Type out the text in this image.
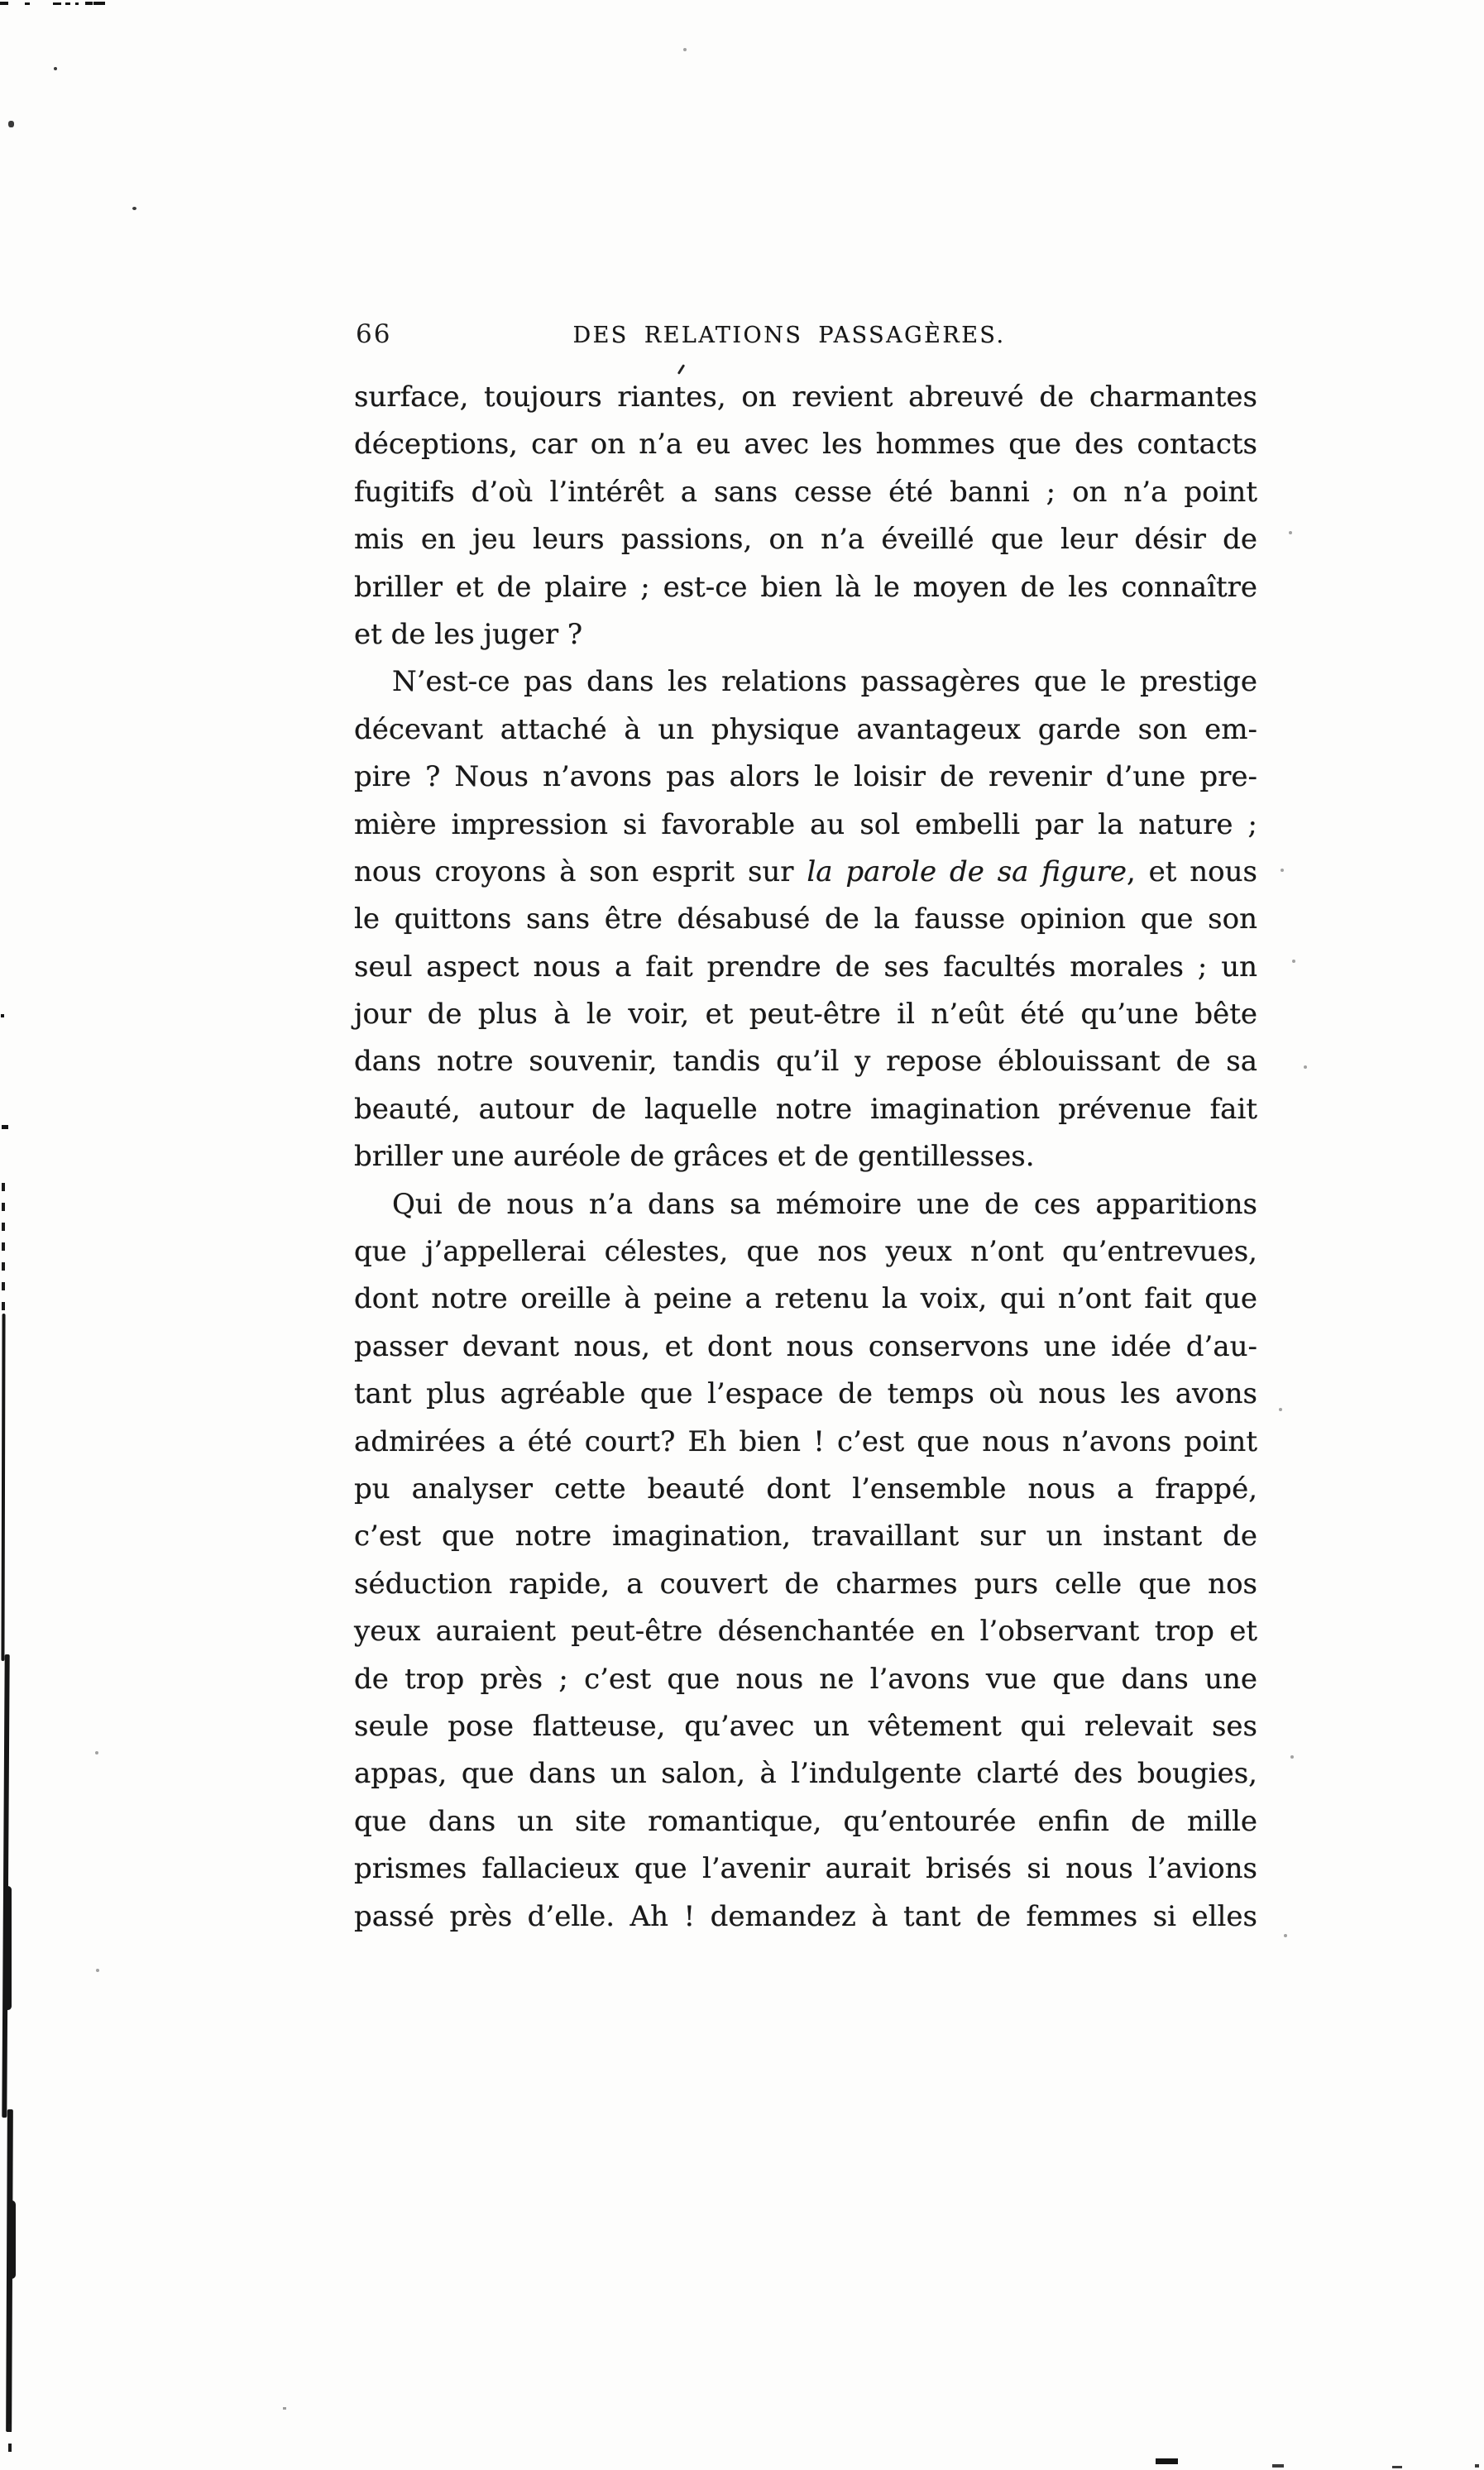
66	DES RELATIONS PASSAGÈRES.
surface, toujours riantes, on revient abreuvé de charmantes
déceptions, car on n’a eu avec les hommes que des contacts
fugitifs d’où l’intérêt a sans cesse été banni ; on n’a point
mis en jeu leurs passions, on n’a éveillé que leur désir de
briller et de plaire ; est-ce bien là le moyen de les connaître
et de les juger ?
N’est-ce pas dans les relations passagères que le prestige
décevant attaché à un physique avantageux garde son em-
pire ? Nous n’avons pas alors le loisir de revenir d’une pre-
mière impression si favorable au sol embelli par la nature ;
nous croyons à son esprit sur la parole de sa figure, et nous
le quittons sans être désabusé de la fausse opinion que son
seul aspect nous a fait prendre de ses facultés morales ; un
jour de plus à le voir, et peut-être il n’eût été qu’une bête
dans notre souvenir, tandis qu’il y repose éblouissant de sa
beauté, autour de laquelle notre imagination prévenue fait
briller une auréole de grâces et de gentillesses.
Qui de nous n’a dans sa mémoire une de ces apparitions
que j’appellerai célestes, que nos yeux n’ont qu’entrevues,
dont notre oreille à peine a retenu la voix, qui n’ont fait que
passer devant nous, et dont nous conservons une idée d’au-
tant plus agréable que l’espace de temps où nous les avons
admirées a été court? Eh bien ! c’est que nous n’avons point
pu analyser cette beauté dont l’ensemble nous a frappé,
c’est que notre imagination, travaillant sur un instant de
séduction rapide, a couvert de charmes purs celle que nos
yeux auraient peut-être désenchantée en l’observant trop et
de trop près ; c’est que nous ne l’avons vue que dans une
seule pose flatteuse, qu’avec un vêtement qui relevait ses
appas, que dans un salon, à l’indulgente clarté des bougies,
que dans un site romantique, qu’entourée enfin de mille
prismes fallacieux que l’avenir aurait brisés si nous l’avions
passé près d’elle. Ah ! demandez à tant de femmes si elles
